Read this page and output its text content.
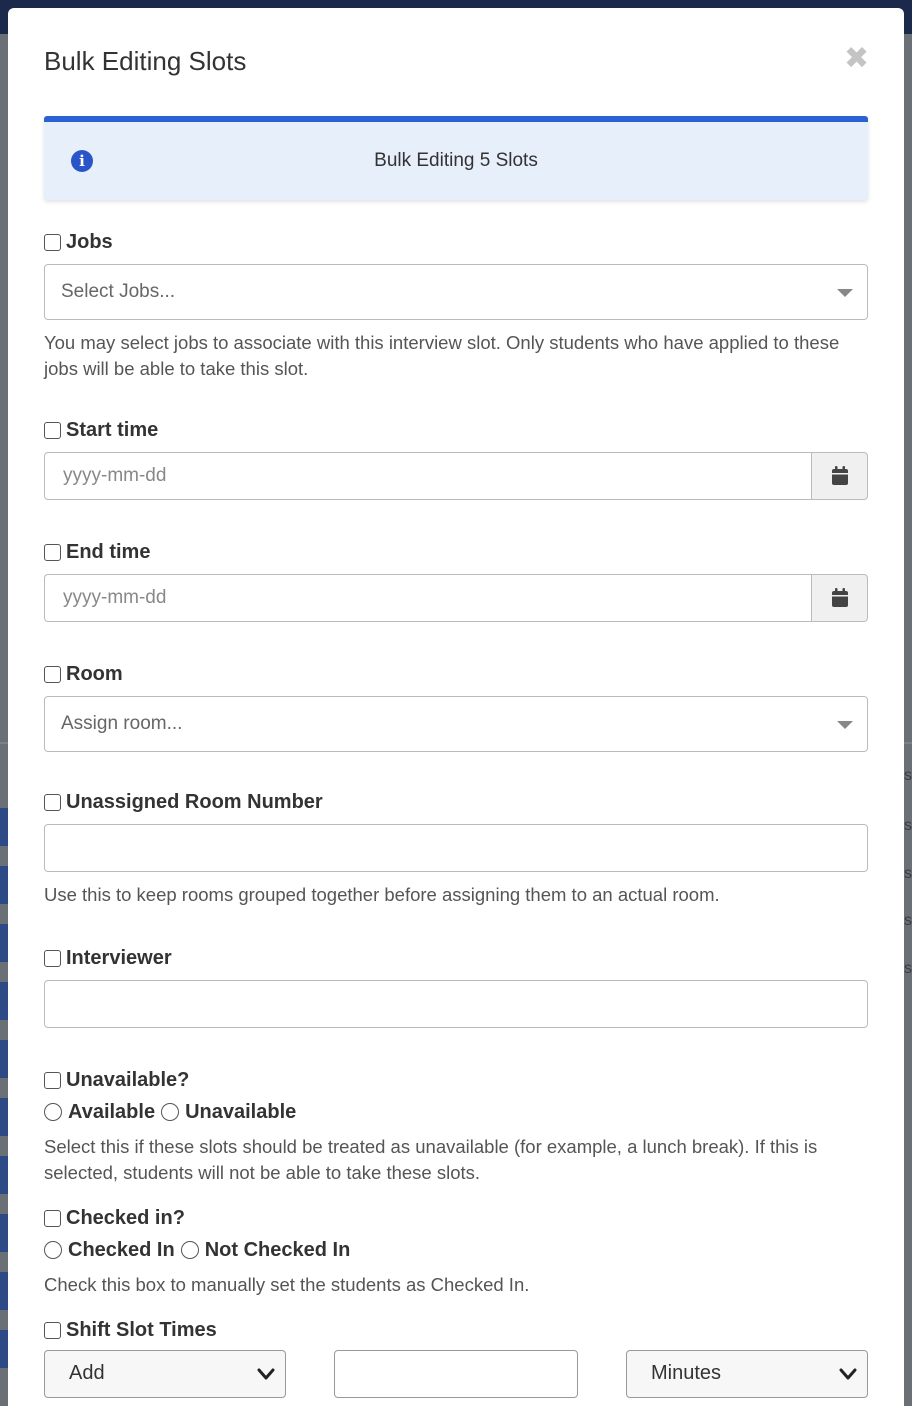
s
s
s
s
s
Bulk Editing Slots	✖
i	Bulk Editing 5 Slots
Jobs
Select Jobs...

You may select jobs to associate with this interview slot. Only students who have applied to these jobs will be able to take this slot.

Start time
yyyy-mm-dd
End time
yyyy-mm-dd
Room
Assign room...
Unassigned Room Number

Use this to keep rooms grouped together before assigning them to an actual room.

Interviewer
Unavailable?
Available Unavailable

Select this if these slots should be treated as unavailable (for example, a lunch break). If this is selected, students will not be able to take these slots.

Checked in?
Checked In Not Checked In

Check this box to manually set the students as Checked In.

Shift Slot Times
Add	Minutes
